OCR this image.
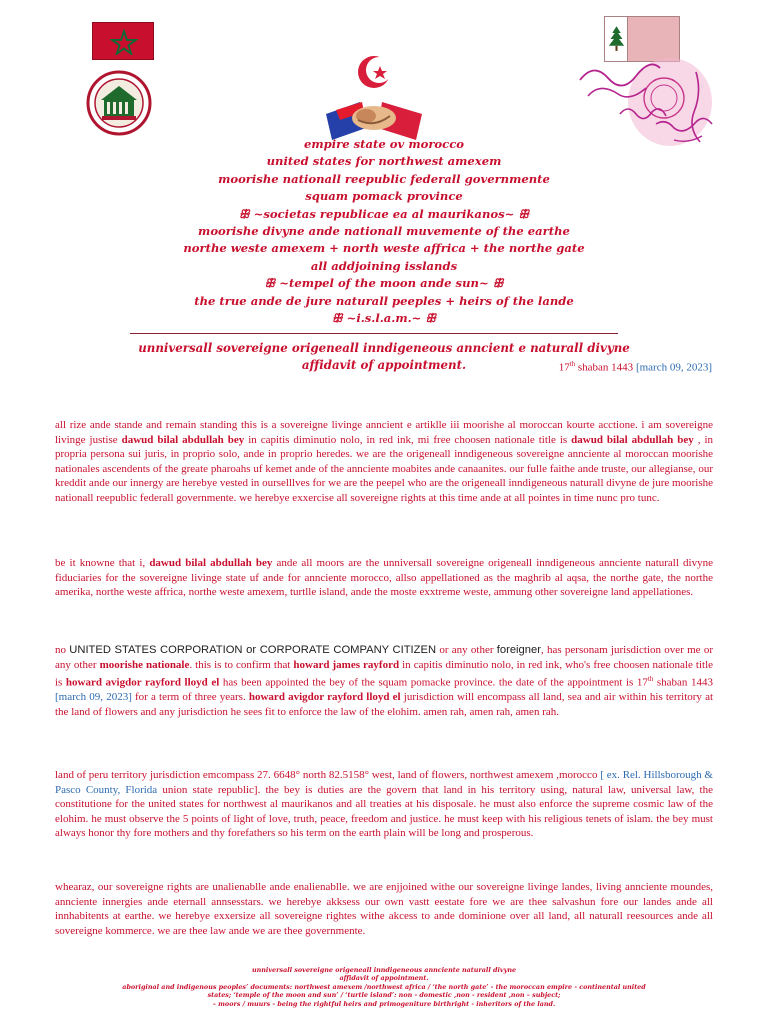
empire state ov morocco
united states for northwest amexem
moorishe nationall reepublic federall governmente
squam pomack province
ꕥ ~societas republicae ea al maurikanos~ ꕥ
moorishe divyne ande nationall muvemente of the earthe
northe weste amexem + north weste affrica + the northe gate
all addjoining isslands
ꕥ ~tempel of the moon ande sun~ ꕥ
the true ande de jure naturall peeples + heirs of the lande
ꕥ ~i.s.l.a.m.~ ꕥ
unniversall sovereigne origeneall inndigeneous anncient e naturall divyne
affidavit of appointment.	17th shaban 1443 [march 09, 2023]
all rize ande stande and remain standing this is a sovereigne livinge anncient e artiklle iii moorishe al moroccan kourte acctione. i am sovereigne livinge justise dawud bilal abdullah bey in capitis diminutio nolo, in red ink, mi free choosen nationale title is dawud bilal abdullah bey , in propria persona sui juris, in proprio solo, ande in proprio heredes. we are the origeneall inndigeneous sovereigne annciente al moroccan moorishe nationales ascendents of the greate pharoahs uf kemet ande of the annciente moabites ande canaanites. our fulle faithe ande truste, our allegianse, our kreddit ande our innergy are herebye vested in ourselllves for we are the peepel who are the origeneall inndigeneous naturall divyne de jure moorishe nationall reepublic federall governmente. we herebye exxercise all sovereigne rights at this time ande at all pointes in time nunc pro tunc.
be it knowne that i, dawud bilal abdullah bey ande all moors are the unniversall sovereigne origeneall inndigeneous annciente naturall divyne fiduciaries for the sovereigne livinge state uf ande for annciente morocco, allso appellationed as the maghrib al aqsa, the northe gate, the northe amerika, northe weste affrica, northe weste amexem, turtlle island, ande the moste exxtreme weste, ammung other sovereigne land appellationes.
no UNITED STATES CORPORATION or CORPORATE COMPANY CITIZEN or any other foreigner, has personam jurisdiction over me or any other moorishe nationale. this is to confirm that howard james rayford in capitis diminutio nolo, in red ink, who's free choosen nationale title is howard avigdor rayford lloyd el has been appointed the bey of the squam pomacke province. the date of the appointment is 17th shaban 1443 [march 09, 2023] for a term of three years. howard avigdor rayford lloyd el jurisdiction will encompass all land, sea and air within his territory at the land of flowers and any jurisdiction he sees fit to enforce the law of the elohim. amen rah, amen rah, amen rah.
land of peru territory jurisdiction emcompass 27. 6648° north 82.5158° west, land of flowers, northwest amexem ,morocco [ ex. Rel. Hillsborough & Pasco County, Florida union state republic]. the bey is duties are the govern that land in his territory using, natural law, universal law, the constitutione for the united states for northwest al maurikanos and all treaties at his disposale. he must also enforce the supreme cosmic law of the elohim. he must observe the 5 points of light of love, truth, peace, freedom and justice. he must keep with his religious tenets of islam. the bey must always honor thy fore mothers and thy forefathers so his term on the earth plain will be long and prosperous.
whearaz, our sovereigne rights are unalienablle ande enalienablle. we are enjjoined withe our sovereigne livinge landes, living annciente moundes, annciente innergies ande eternall annsesstars. we herebye akksess our own vastt eestate fore we are thee salvashun fore our landes ande all innhabitents at earthe. we herebye exxersize all sovereigne rightes withe akcess to ande dominione over all land, all naturall reesources ande all sovereigne kommerce. we are thee law ande we are thee governmente.
unniversall sovereigne origeneall inndigeneous annciente naturall divyne
affidavit of appointment.
aboriginal and indigenous peoples’ documents: northwest amexem /northwest africa / ‘the north gate’ - the moroccan empire - continental united
states; ‘temple of the moon and sun’ / ‘turtle island’: non - domestic ,non - resident ,non – subject;
– moors / muurs - being the rightful heirs and primogeniture birthright - inheritors of the land.
